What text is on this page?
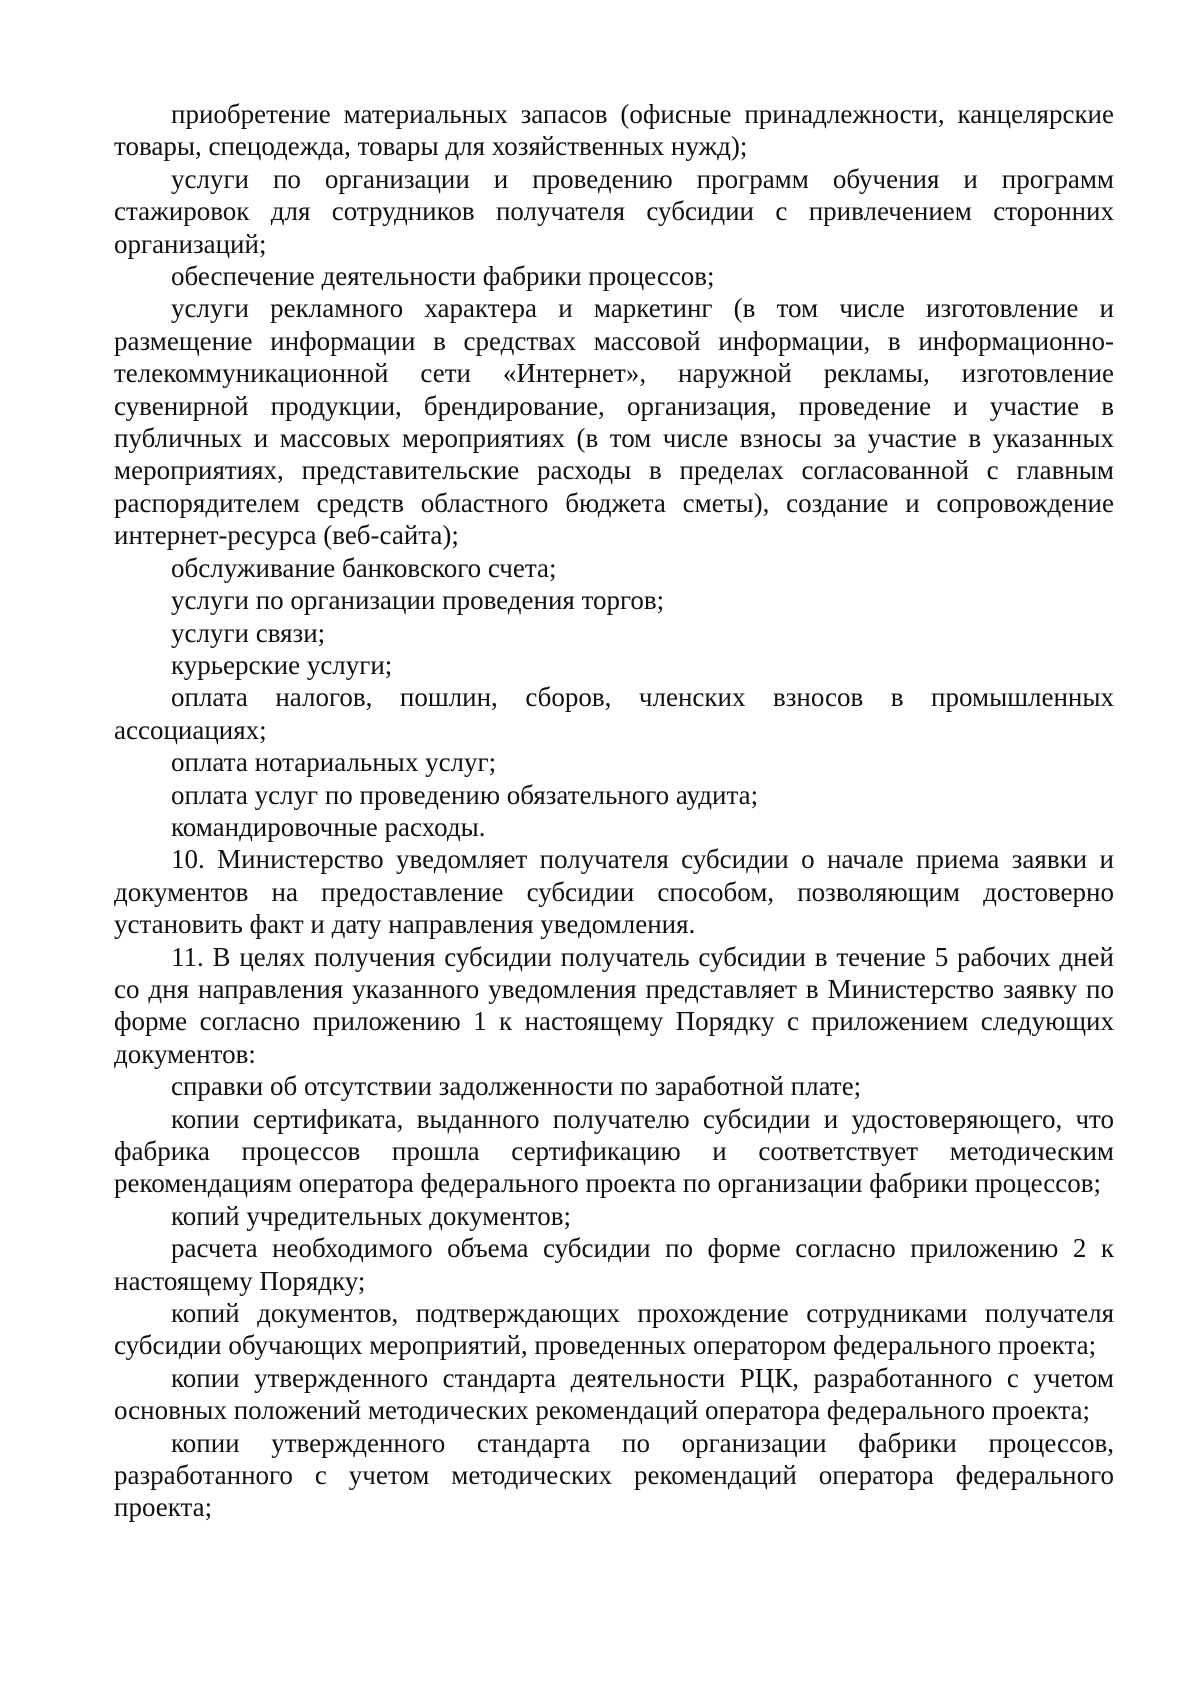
приобретение материальных запасов (офисные принадлежности, канцелярские товары, спецодежда, товары для хозяйственных нужд);

услуги по организации и проведению программ обучения и программ стажировок для сотрудников получателя субсидии с привлечением сторонних организаций;

обеспечение деятельности фабрики процессов;

услуги рекламного характера и маркетинг (в том числе изготовление и размещение информации в средствах массовой информации, в информационно-телекоммуникационной сети «Интернет», наружной рекламы, изготовление сувенирной продукции, брендирование, организация, проведение и участие в публичных и массовых мероприятиях (в том числе взносы за участие в указанных мероприятиях, представительские расходы в пределах согласованной с главным распорядителем средств областного бюджета сметы), создание и сопровождение интернет-ресурса (веб-сайта);

обслуживание банковского счета;

услуги по организации проведения торгов;

услуги связи;

курьерские услуги;

оплата налогов, пошлин, сборов, членских взносов в промышленных ассоциациях;

оплата нотариальных услуг;

оплата услуг по проведению обязательного аудита;

командировочные расходы.

10. Министерство уведомляет получателя субсидии о начале приема заявки и документов на предоставление субсидии способом, позволяющим достоверно установить факт и дату направления уведомления.

11. В целях получения субсидии получатель субсидии в течение 5 рабочих дней со дня направления указанного уведомления представляет в Министерство заявку по форме согласно приложению 1 к настоящему Порядку с приложением следующих документов:

справки об отсутствии задолженности по заработной плате;

копии сертификата, выданного получателю субсидии и удостоверяющего, что фабрика процессов прошла сертификацию и соответствует методическим рекомендациям оператора федерального проекта по организации фабрики процессов;

копий учредительных документов;

расчета необходимого объема субсидии по форме согласно приложению 2 к настоящему Порядку;

копий документов, подтверждающих прохождение сотрудниками получателя субсидии обучающих мероприятий, проведенных оператором федерального проекта;

копии утвержденного стандарта деятельности РЦК, разработанного с учетом основных положений методических рекомендаций оператора федерального проекта;

копии утвержденного стандарта по организации фабрики процессов, разработанного с учетом методических рекомендаций оператора федерального проекта;
